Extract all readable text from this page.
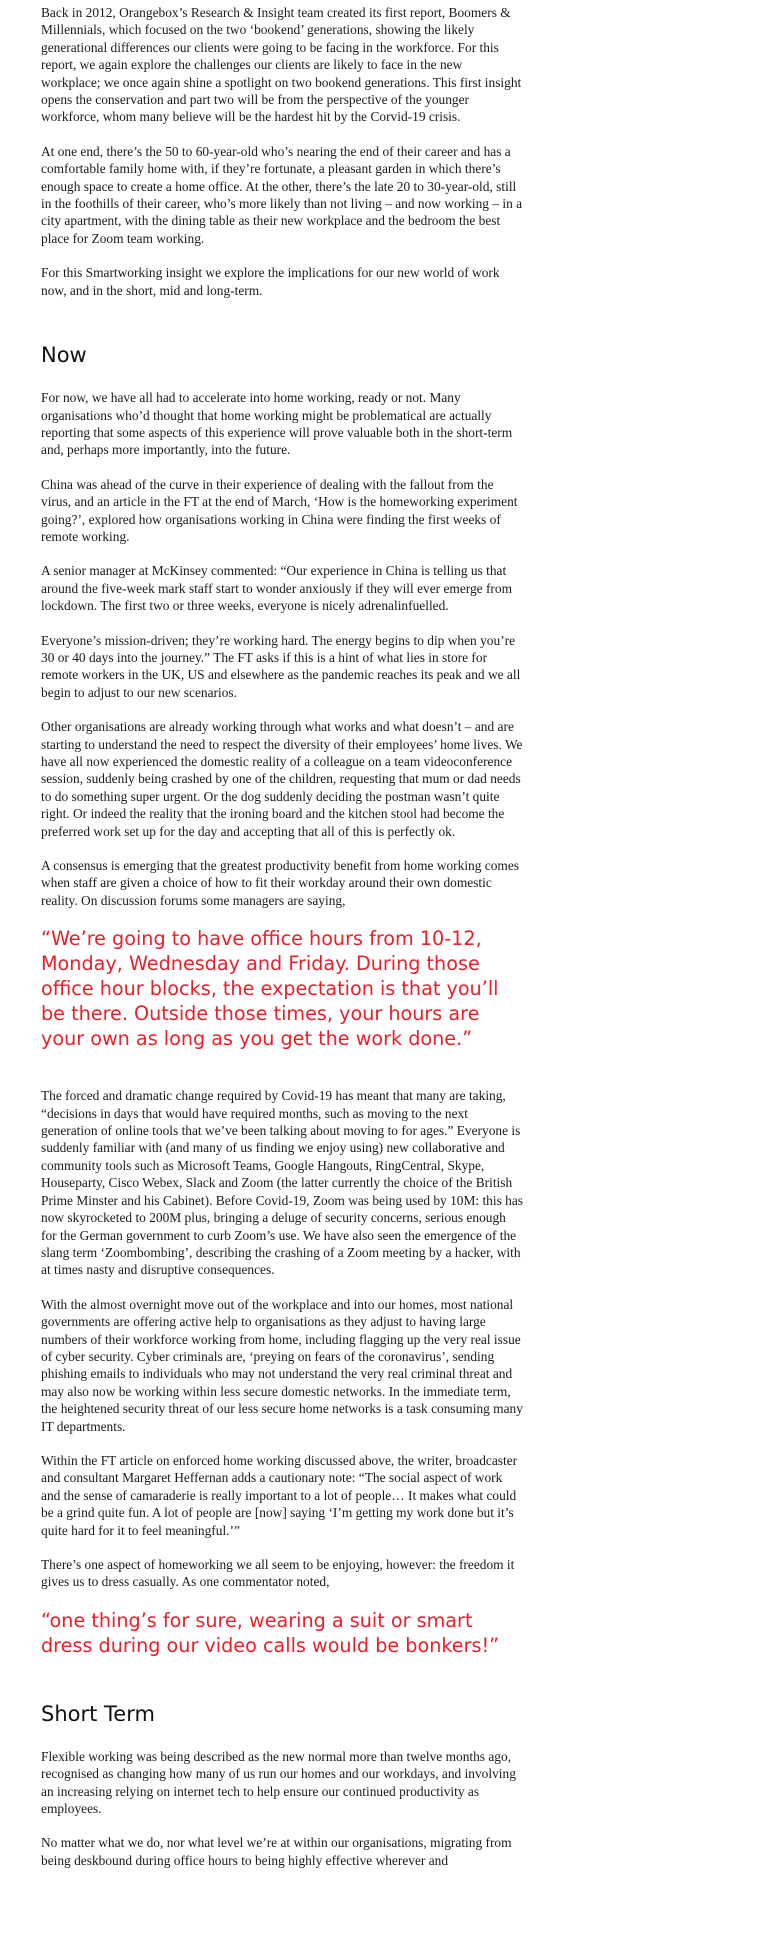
Back in 2012, Orangebox’s Research & Insight team created its first report, Boomers & Millennials, which focused on the two ‘bookend’ generations, showing the likely generational differences our clients were going to be facing in the workforce. For this report, we again explore the challenges our clients are likely to face in the new workplace; we once again shine a spotlight on two bookend generations. This first insight opens the conservation and part two will be from the perspective of the younger workforce, whom many believe will be the hardest hit by the Corvid-19 crisis.

At one end, there’s the 50 to 60-year-old who’s nearing the end of their career and has a comfortable family home with, if they’re fortunate, a pleasant garden in which there’s enough space to create a home office. At the other, there’s the late 20 to 30-year-old, still in the foothills of their career, who’s more likely than not living – and now working – in a city apartment, with the dining table as their new workplace and the bedroom the best place for Zoom team working.

For this Smartworking insight we explore the implications for our new world of work now, and in the short, mid and long-term.

Now

For now, we have all had to accelerate into home working, ready or not. Many organisations who’d thought that home working might be problematical are actually reporting that some aspects of this experience will prove valuable both in the short-term and, perhaps more importantly, into the future.

China was ahead of the curve in their experience of dealing with the fallout from the virus, and an article in the FT at the end of March, ‘How is the homeworking experiment going?’, explored how organisations working in China were finding the first weeks of remote working.

A senior manager at McKinsey commented: “Our experience in China is telling us that around the five-week mark staff start to wonder anxiously if they will ever emerge from lockdown. The first two or three weeks, everyone is nicely adrenalinfuelled.

Everyone’s mission-driven; they’re working hard. The energy begins to dip when you’re 30 or 40 days into the journey.” The FT asks if this is a hint of what lies in store for remote workers in the UK, US and elsewhere as the pandemic reaches its peak and we all begin to adjust to our new scenarios.

Other organisations are already working through what works and what doesn’t – and are starting to understand the need to respect the diversity of their employees’ home lives. We have all now experienced the domestic reality of a colleague on a team videoconference session, suddenly being crashed by one of the children, requesting that mum or dad needs to do something super urgent. Or the dog suddenly deciding the postman wasn’t quite right. Or indeed the reality that the ironing board and the kitchen stool had become the preferred work set up for the day and accepting that all of this is perfectly ok.

A consensus is emerging that the greatest productivity benefit from home working comes when staff are given a choice of how to fit their workday around their own domestic reality. On discussion forums some managers are saying,

“We’re going to have office hours from 10-12, Monday, Wednesday and Friday. During those office hour blocks, the expectation is that you’ll be there. Outside those times, your hours are your own as long as you get the work done.”

The forced and dramatic change required by Covid-19 has meant that many are taking, “decisions in days that would have required months, such as moving to the next generation of online tools that we’ve been talking about moving to for ages.” Everyone is suddenly familiar with (and many of us finding we enjoy using) new collaborative and community tools such as Microsoft Teams, Google Hangouts, RingCentral, Skype, Houseparty, Cisco Webex, Slack and Zoom (the latter currently the choice of the British Prime Minster and his Cabinet). Before Covid-19, Zoom was being used by 10M: this has now skyrocketed to 200M plus, bringing a deluge of security concerns, serious enough for the German government to curb Zoom’s use. We have also seen the emergence of the slang term ‘Zoombombing’, describing the crashing of a Zoom meeting by a hacker, with at times nasty and disruptive consequences.

With the almost overnight move out of the workplace and into our homes, most national governments are offering active help to organisations as they adjust to having large numbers of their workforce working from home, including flagging up the very real issue of cyber security. Cyber criminals are, ‘preying on fears of the coronavirus’, sending phishing emails to individuals who may not understand the very real criminal threat and may also now be working within less secure domestic networks. In the immediate term, the heightened security threat of our less secure home networks is a task consuming many IT departments.

Within the FT article on enforced home working discussed above, the writer, broadcaster and consultant Margaret Heffernan adds a cautionary note: “The social aspect of work and the sense of camaraderie is really important to a lot of people… It makes what could be a grind quite fun. A lot of people are [now] saying ‘I’m getting my work done but it’s quite hard for it to feel meaningful.’”

There’s one aspect of homeworking we all seem to be enjoying, however: the freedom it gives us to dress casually. As one commentator noted,

“one thing’s for sure, wearing a suit or smart dress during our video calls would be bonkers!”
Short Term

Flexible working was being described as the new normal more than twelve months ago, recognised as changing how many of us run our homes and our workdays, and involving an increasing relying on internet tech to help ensure our continued productivity as employees.

No matter what we do, nor what level we’re at within our organisations, migrating from being deskbound during office hours to being highly effective wherever and
